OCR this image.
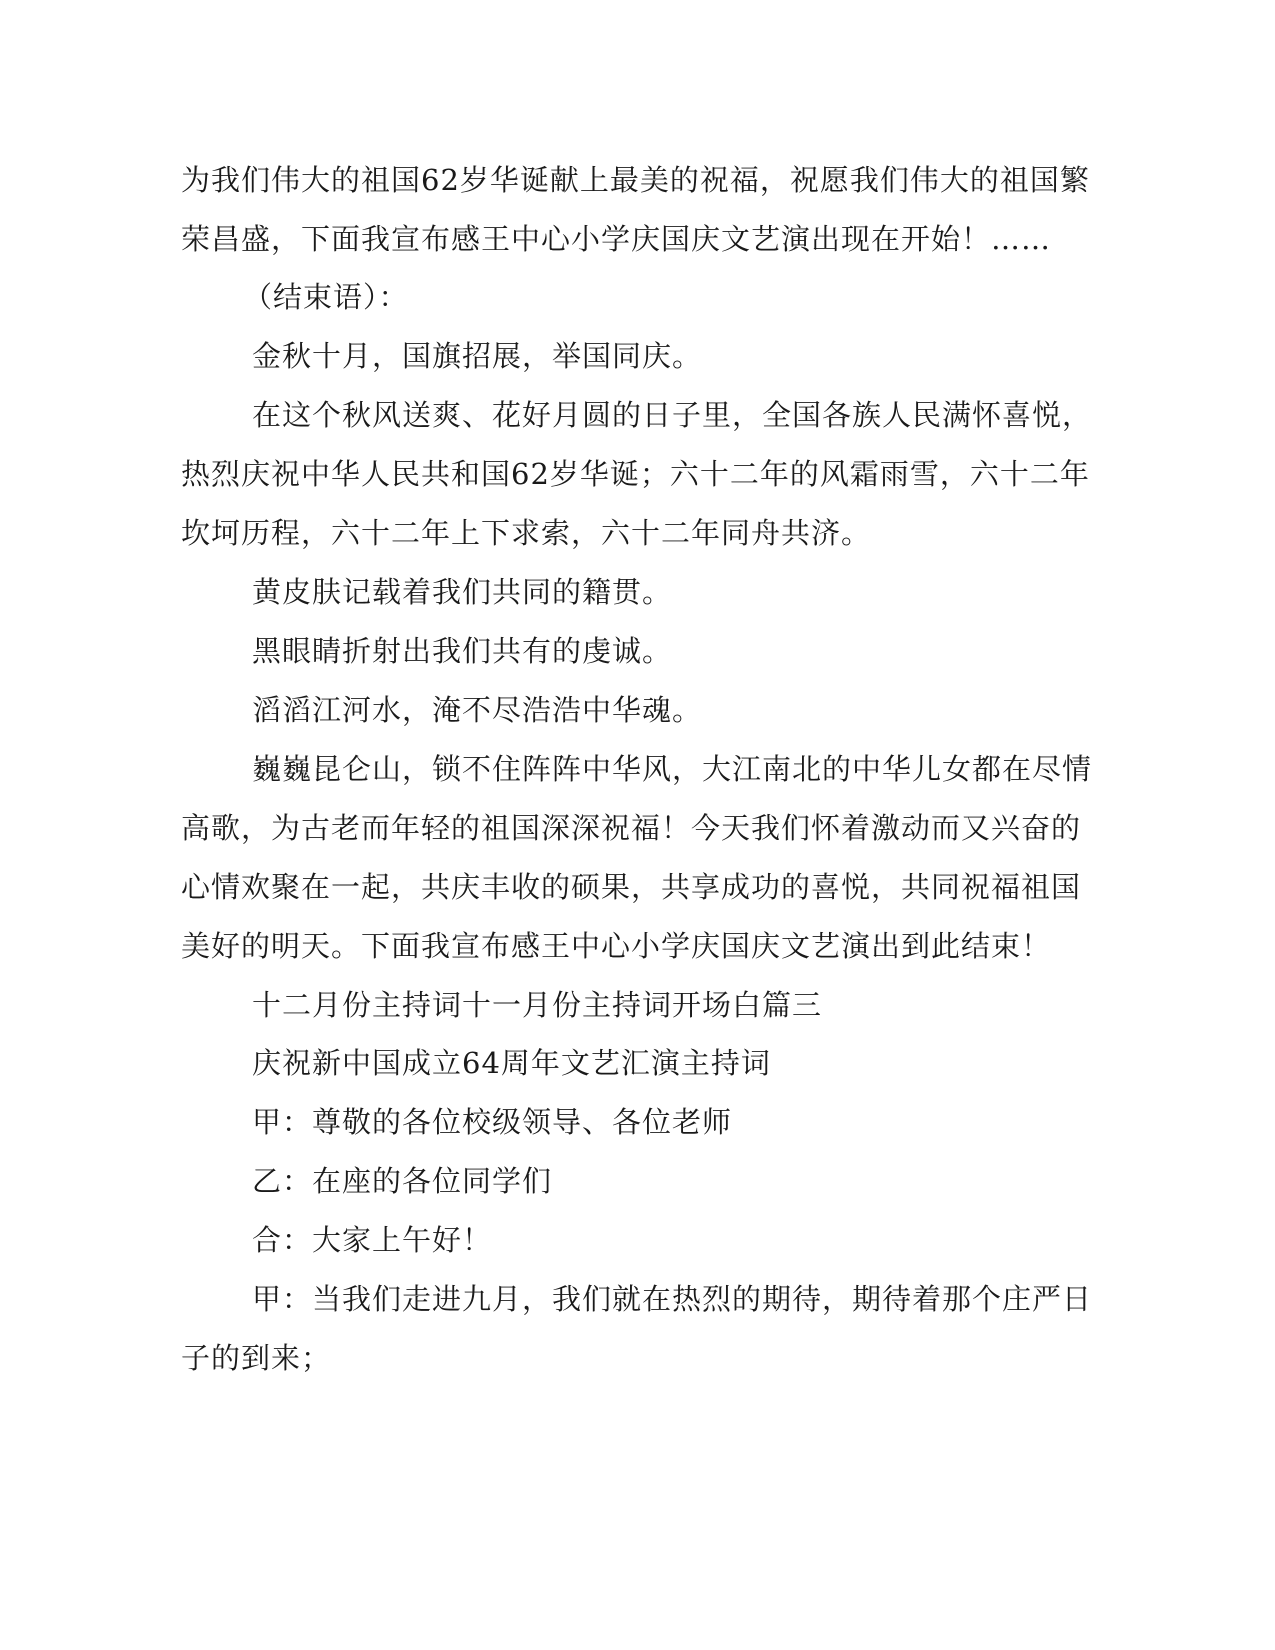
为我们伟大的祖国62岁华诞献上最美的祝福，祝愿我们伟大的祖国繁

荣昌盛，下面我宣布感王中心小学庆国庆文艺演出现在开始！……

（结束语）：

金秋十月，国旗招展，举国同庆。

在这个秋风送爽、花好月圆的日子里，全国各族人民满怀喜悦，

热烈庆祝中华人民共和国62岁华诞；六十二年的风霜雨雪，六十二年

坎坷历程，六十二年上下求索，六十二年同舟共济。

黄皮肤记载着我们共同的籍贯。

黑眼睛折射出我们共有的虔诚。

滔滔江河水，淹不尽浩浩中华魂。

巍巍昆仑山，锁不住阵阵中华风，大江南北的中华儿女都在尽情

高歌，为古老而年轻的祖国深深祝福！今天我们怀着激动而又兴奋的

心情欢聚在一起，共庆丰收的硕果，共享成功的喜悦，共同祝福祖国

美好的明天。下面我宣布感王中心小学庆国庆文艺演出到此结束！

十二月份主持词十一月份主持词开场白篇三

庆祝新中国成立64周年文艺汇演主持词

甲：尊敬的各位校级领导、各位老师

乙：在座的各位同学们

合：大家上午好！

甲：当我们走进九月，我们就在热烈的期待，期待着那个庄严日

子的到来；
